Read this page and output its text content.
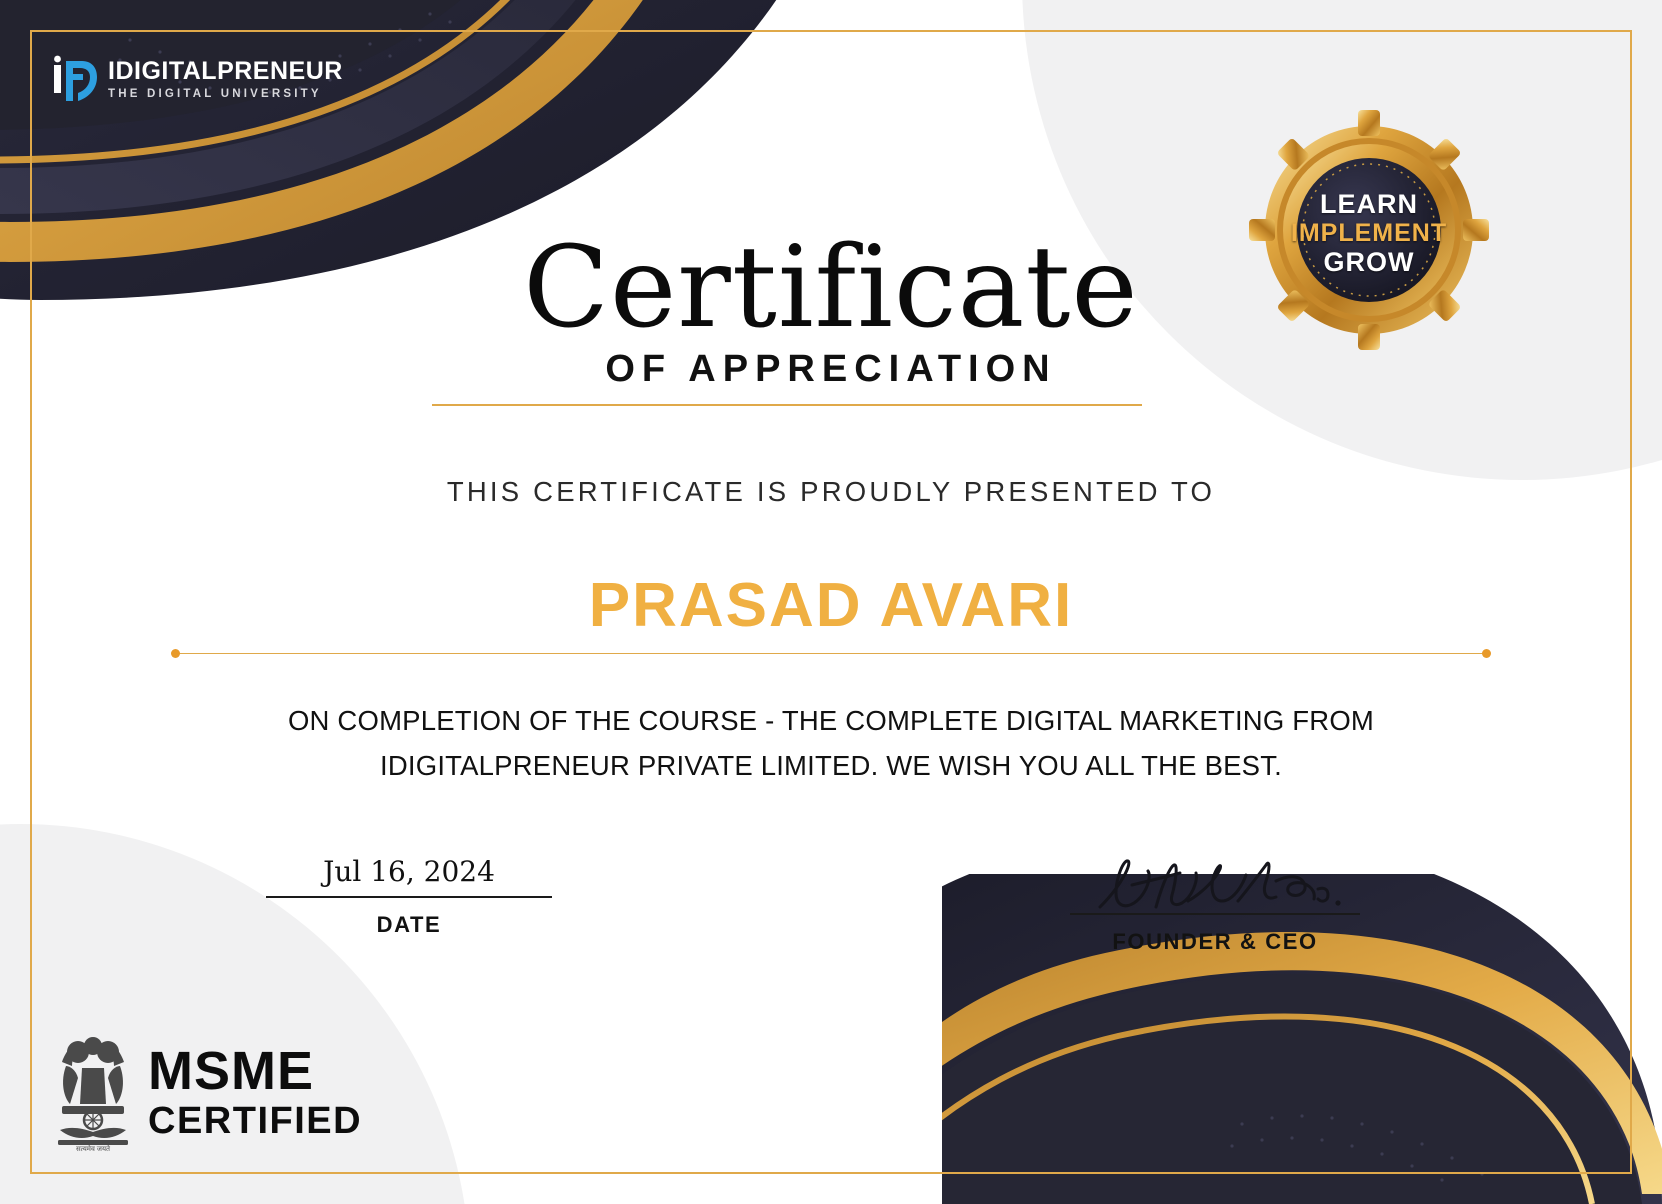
IDIGITALPRENEUR
THE DIGITAL UNIVERSITY
LEARN
IMPLEMENT
GROW
Certificate
OF APPRECIATION
THIS CERTIFICATE IS PROUDLY PRESENTED TO
PRASAD AVARI
ON COMPLETION OF THE COURSE - THE COMPLETE DIGITAL MARKETING FROM IDIGITALPRENEUR PRIVATE LIMITED. WE WISH YOU ALL THE BEST.
Jul 16, 2024
DATE
FOUNDER & CEO
सत्यमेव जयते
MSME
CERTIFIED
